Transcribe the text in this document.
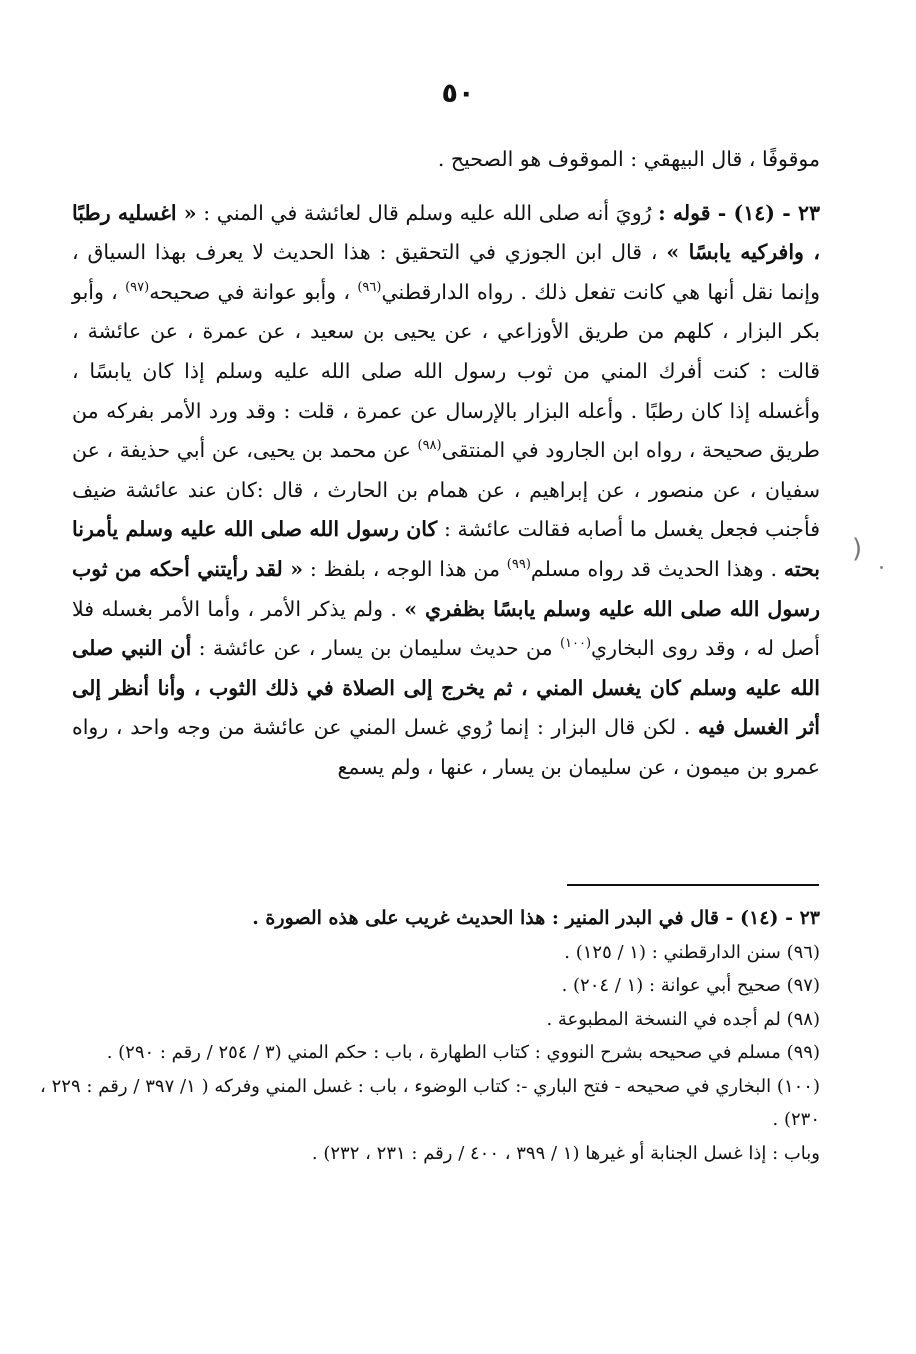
٥٠

موقوفًا ، قال البيهقي : الموقوف هو الصحيح .

٢٣ - (١٤) - قوله : رُويَ أنه صلى الله عليه وسلم قال لعائشة في المني : « اغسليه رطبًا ، وافركيه يابسًا » ، قال ابن الجوزي في التحقيق : هذا الحديث لا يعرف بهذا السياق ، وإنما نقل أنها هي كانت تفعل ذلك . رواه الدارقطني$^{(٩٦)}$ ، وأبو عوانة في صحيحه$^{(٩٧)}$ ، وأبو بكر البزار ، كلهم من طريق الأوزاعي ، عن يحيى بن سعيد ، عن عمرة ، عن عائشة ، قالت : كنت أفرك المني من ثوب رسول الله صلى الله عليه وسلم إذا كان يابسًا ، وأغسله إذا كان رطبًا . وأعله البزار بالإرسال عن عمرة ، قلت : وقد ورد الأمر بفركه من طريق صحيحة ، رواه ابن الجارود في المنتقى$^{(٩٨)}$ عن محمد بن يحيى، عن أبي حذيفة ، عن سفيان ، عن منصور ، عن إبراهيم ، عن همام بن الحارث ، قال :كان عند عائشة ضيف فأجنب فجعل يغسل ما أصابه فقالت عائشة : كان رسول الله صلى الله عليه وسلم يأمرنا بحته . وهذا الحديث قد رواه مسلم$^{(٩٩)}$ من هذا الوجه ، بلفظ : « لقد رأيتني أحكه من ثوب رسول الله صلى الله عليه وسلم يابسًا بظفري » . ولم يذكر الأمر ، وأما الأمر بغسله فلا أصل له ، وقد روى البخاري$^{(١٠٠)}$ من حديث سليمان بن يسار ، عن عائشة : أن النبي صلى الله عليه وسلم كان يغسل المني ، ثم يخرج إلى الصلاة في ذلك الثوب ، وأنا أنظر إلى أثر الغسل فيه . لكن قال البزار : إنما رُوي غسل المني عن عائشة من وجه واحد ، رواه عمرو بن ميمون ، عن سليمان بن يسار ، عنها ، ولم يسمع

(

٢٣ - (١٤) - قال في البدر المنير : هذا الحديث غريب على هذه الصورة .

(٩٦) سنن الدارقطني : (١ / ١٢٥) .

(٩٧) صحيح أبي عوانة : (١ / ٢٠٤) .

(٩٨) لم أجده في النسخة المطبوعة .

(٩٩) مسلم في صحيحه بشرح النووي : كتاب الطهارة ، باب : حكم المني (٣ / ٢٥٤ / رقم : ٢٩٠) .

(١٠٠) البخاري في صحيحه - فتح الباري -: كتاب الوضوء ، باب : غسل المني وفركه ( ١/ ٣٩٧ / رقم : ٢٢٩ ، ٢٣٠) .

وباب : إذا غسل الجنابة أو غيرها (١ / ٣٩٩ ، ٤٠٠ / رقم : ٢٣١ ، ٢٣٢) .
